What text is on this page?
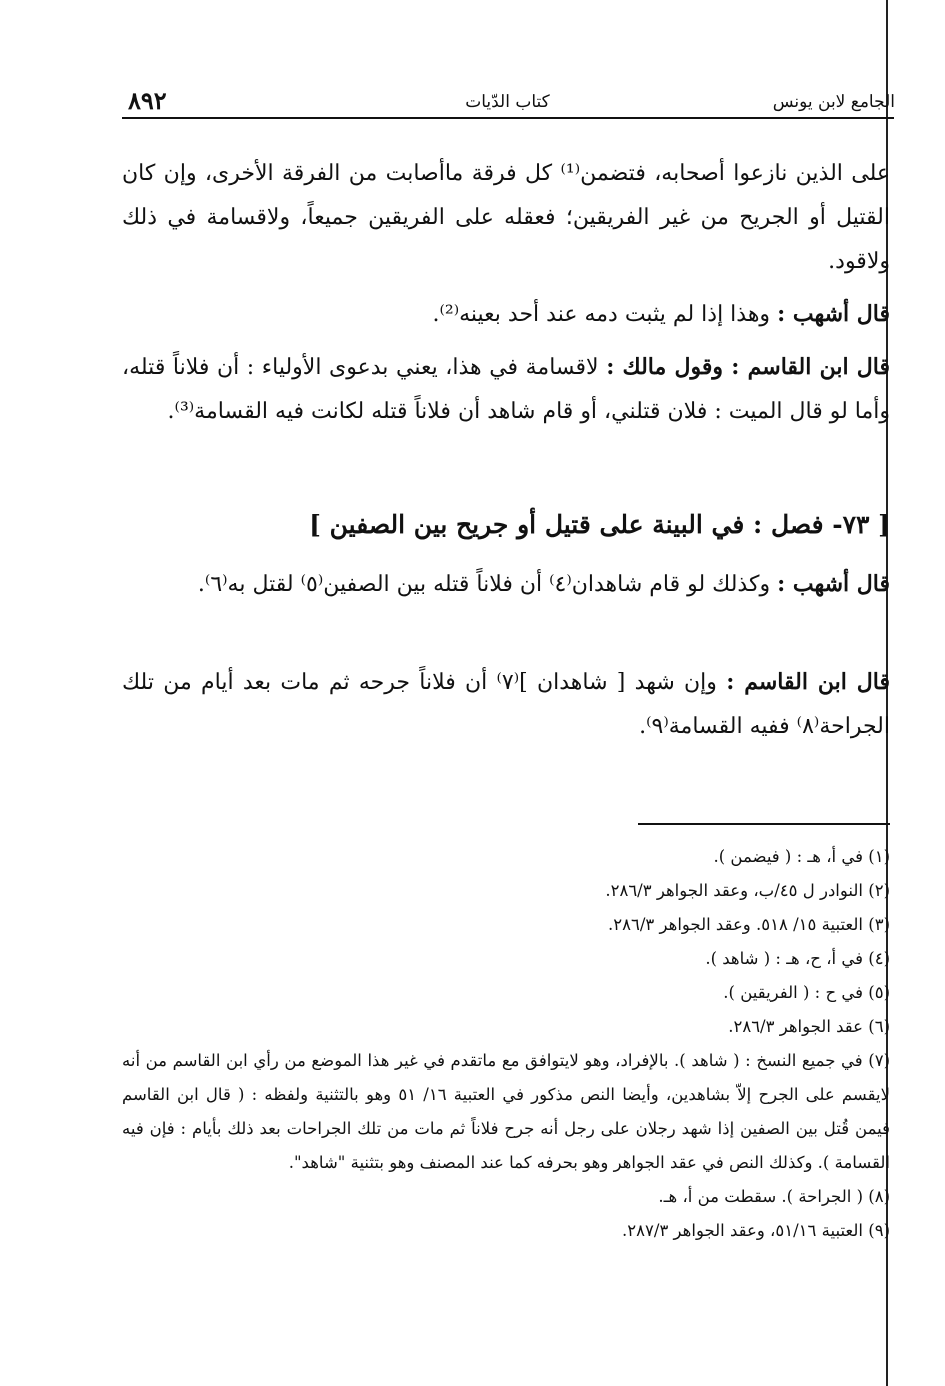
٨٩٢	كتاب الدّيات	الجامع لابن يونس
على الذين نازعوا أصحابه، فتضمن⁽¹⁾ كل فرقة ماأصابت من الفرقة الأخرى، وإن كان القتيل أو الجريح من غير الفريقين؛ فعقله على الفريقين جميعاً، ولاقسامة في ذلك ولاقود.
قال أشهب : وهذا إذا لم يثبت دمه عند أحد بعينه⁽²⁾.
قال ابن القاسم : وقول مالك : لاقسامة في هذا، يعني بدعوى الأولياء : أن فلاناً قتله، وأما لو قال الميت : فلان قتلني، أو قام شاهد أن فلاناً قتله لكانت فيه القسامة⁽³⁾.
[ ٧٣- فصل : في البينة على قتيل أو جريح بين الصفين ]
قال أشهب : وكذلك لو قام شاهدان⁽٤⁾ أن فلاناً قتله بين الصفين⁽٥⁾ لقتل به⁽٦⁾.
قال ابن القاسم : وإن شهد [ شاهدان ]⁽٧⁾ أن فلاناً جرحه ثم مات بعد أيام من تلك الجراحة⁽٨⁾ ففيه القسامة⁽٩⁾.
(١) في أ، هـ : ( فيضمن ).
(٢) النوادر ل ٤٥/ب، وعقد الجواهر ٢٨٦/٣.
(٣) العتبية ١٥/ ٥١٨. وعقد الجواهر ٢٨٦/٣.
(٤) في أ، ح، هـ : ( شاهد ).
(٥) في ح : ( الفريقين ).
(٦) عقد الجواهر ٢٨٦/٣.
(٧) في جميع النسخ : ( شاهد ). بالإفراد، وهو لايتوافق مع ماتقدم في غير هذا الموضع من رأي ابن القاسم من أنه لايقسم على الجرح إلاّ بشاهدين، وأيضا النص مذكور في العتبية ١٦/ ٥١ وهو بالتثنية ولفظه : ( قال ابن القاسم فيمن قُتل بين الصفين إذا شهد رجلان على رجل أنه جرح فلاناً ثم مات من تلك الجراحات بعد ذلك بأيام : فإن فيه القسامة ). وكذلك النص في عقد الجواهر وهو بحرفه كما عند المصنف وهو بتثنية "شاهد".
(٨) ( الجراحة ). سقطت من أ، هـ.
(٩) العتبية ٥١/١٦، وعقد الجواهر ٢٨٧/٣.
